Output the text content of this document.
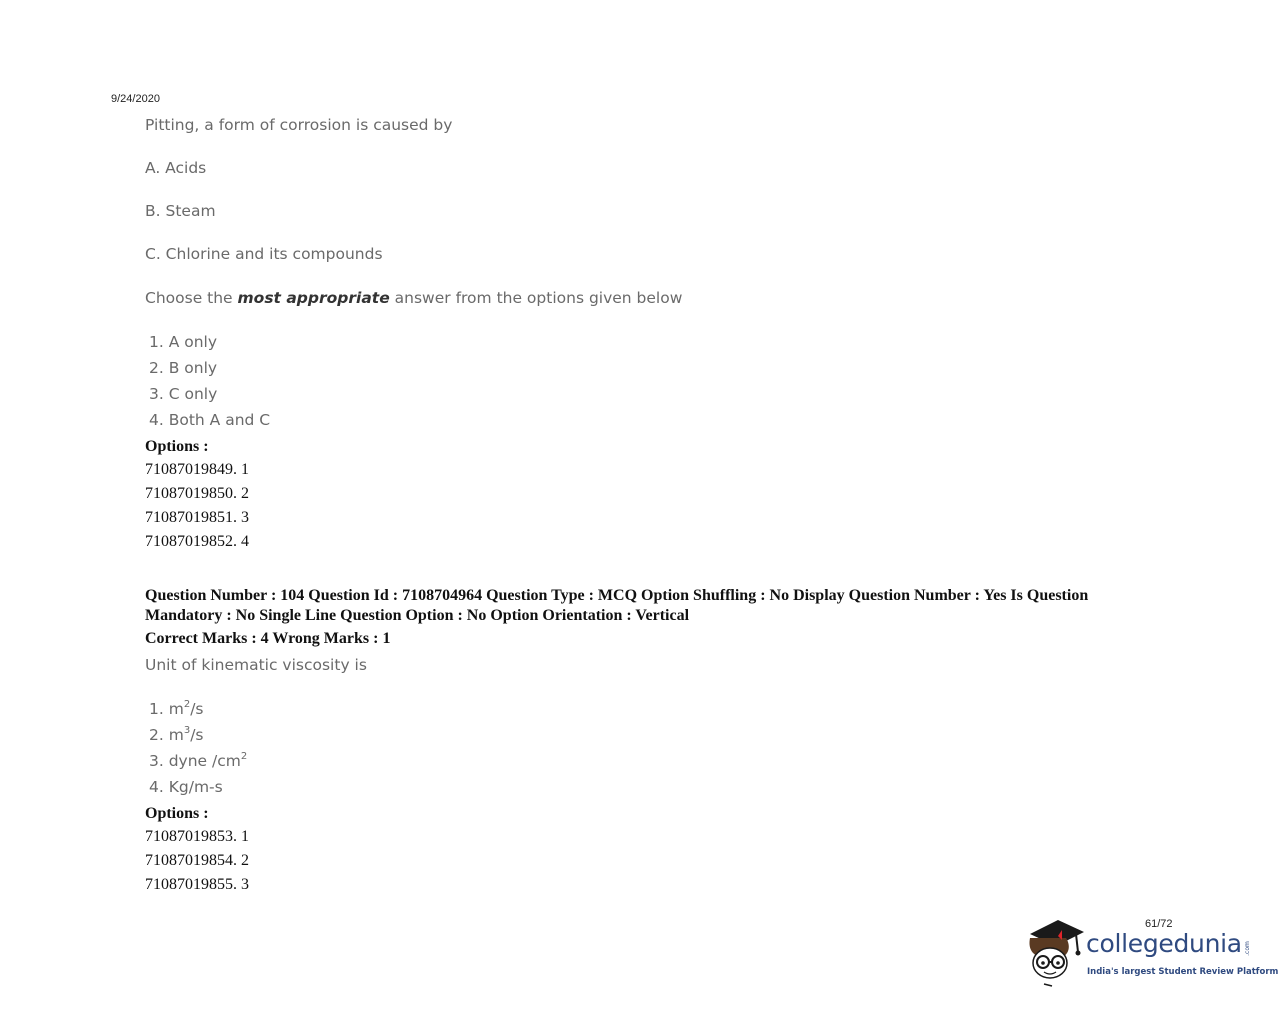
9/24/2020
Pitting, a form of corrosion is caused by
A. Acids
B. Steam
C. Chlorine and its compounds
Choose the most appropriate answer from the options given below
1. A only
2. B only
3. C only
4. Both A and C
Options :
71087019849. 1
71087019850. 2
71087019851. 3
71087019852. 4
Question Number : 104 Question Id : 7108704964 Question Type : MCQ Option Shuffling : No Display Question Number : Yes Is Question Mandatory : No Single Line Question Option : No Option Orientation : Vertical
Correct Marks : 4 Wrong Marks : 1
Unit of kinematic viscosity is
1. $m^2/s$
2. $m^3/s$
3. dyne $/cm^2$
4. Kg/m-s
Options :
71087019853. 1
71087019854. 2
71087019855. 3
61/72
collegedunia .com
India's largest Student Review Platform
